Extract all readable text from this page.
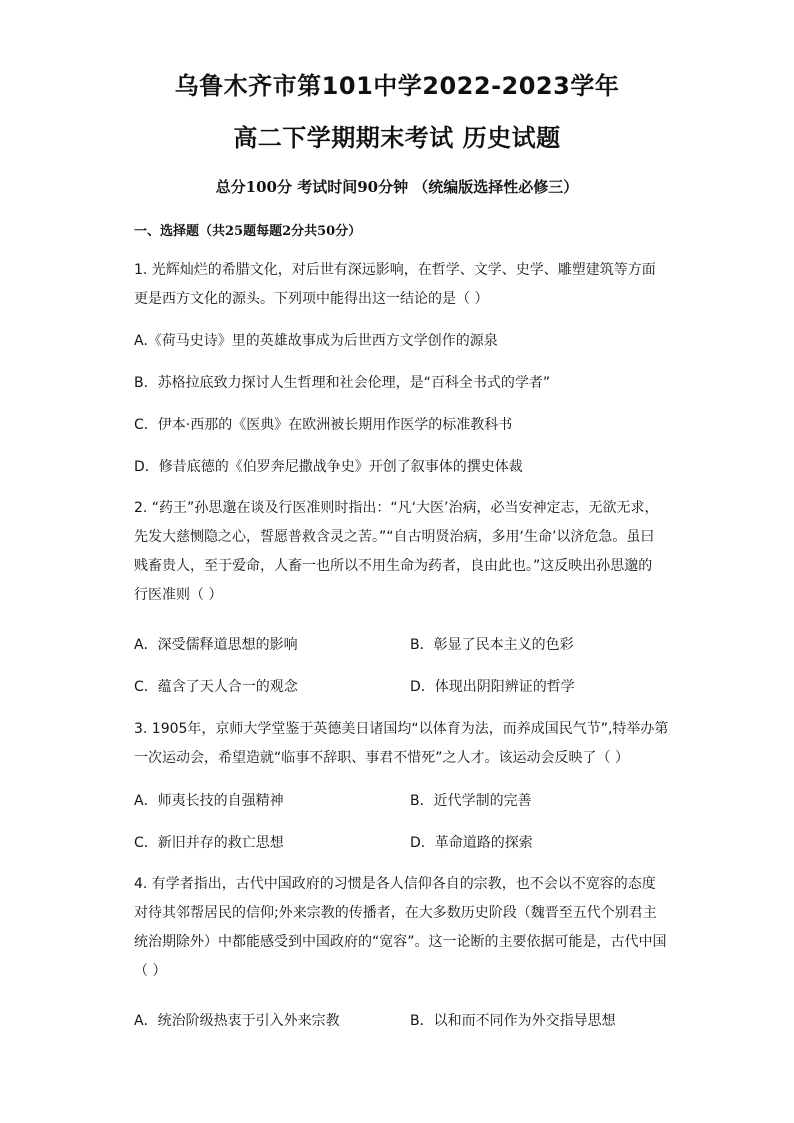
乌鲁木齐市第101中学2022-2023学年
高二下学期期末考试 历史试题
总分100分 考试时间90分钟 （统编版选择性必修三）
一、选择题（共25题每题2分共50分）
1. 光辉灿烂的希腊文化，对后世有深远影响，在哲学、文学、史学、雕塑建筑等方面
更是西方文化的源头。下列项中能得出这一结论的是（ ）
A.《荷马史诗》里的英雄故事成为后世西方文学创作的源泉
B．苏格拉底致力探讨人生哲理和社会伦理，是“百科全书式的学者”
C．伊本·西那的《医典》在欧洲被长期用作医学的标准教科书
D．修昔底德的《伯罗奔尼撒战争史》开创了叙事体的撰史体裁
2. “药王”孙思邈在谈及行医准则时指出：“凡‘大医’治病，必当安神定志，无欲无求，
先发大慈恻隐之心，誓愿普救含灵之苦。”“自古明贤治病，多用‘生命’以济危急。虽曰
贱畜贵人，至于爱命，人畜一也所以不用生命为药者，良由此也。”这反映出孙思邈的
行医准则（ ）
A．深受儒释道思想的影响	B．彰显了民本主义的色彩
C．蕴含了天人合一的观念	D．体现出阴阳辨证的哲学
3. 1905年，京师大学堂鉴于英德美日诸国均“以体育为法，而养成国民气节”,特举办第
一次运动会，希望造就“临事不辞职、事君不惜死”之人才。该运动会反映了（ ）
A．师夷长技的自强精神	B．近代学制的完善
C．新旧并存的救亡思想	D．革命道路的探索
4. 有学者指出，古代中国政府的习惯是各人信仰各自的宗教，也不会以不宽容的态度
对待其邻帮居民的信仰;外来宗教的传播者，在大多数历史阶段（魏晋至五代个别君主
统治期除外）中都能感受到中国政府的“宽容”。这一论断的主要依据可能是，古代中国
（ ）
A．统治阶级热衷于引入外来宗教	B．以和而不同作为外交指导思想
